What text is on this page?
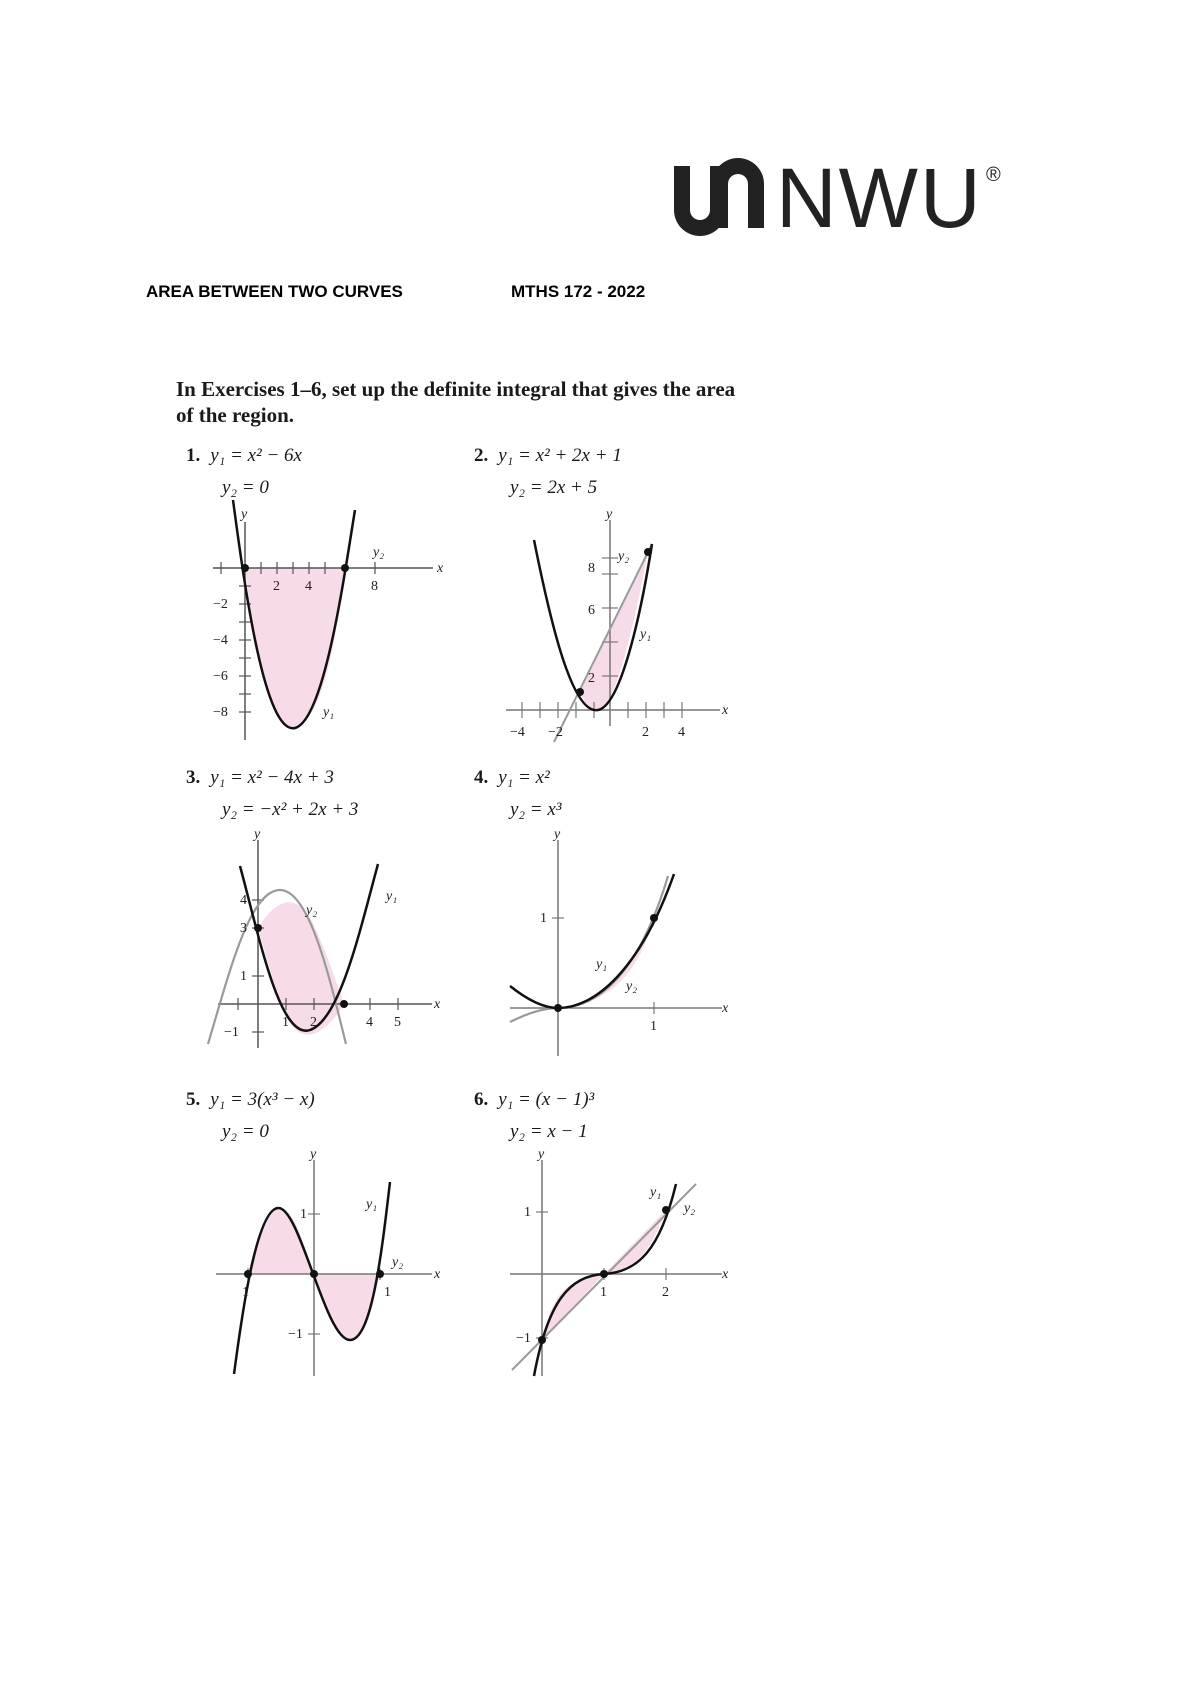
NWU ®
AREA BETWEEN TWO CURVES	MTHS 172 - 2022
In Exercises 1–6, set up the definite integral that gives the area of the region.
1. y₁ = x² − 6x
y₂ = 0
2. y₁ = x² + 2x + 1
y₂ = 2x + 5
3. y₁ = x² − 4x + 3
y₂ = −x² + 2x + 3
4. y₁ = x²
y₂ = x³
5. y₁ = 3(x³ − x)
y₂ = 0
6. y₁ = (x − 1)³
y₂ = x − 1
x
y
2 4	8
−2
−4
−6
−8	y₁
y₂
x
y
−4 −2	2 4
2
6
8
y₁
y₂
x
y
1 2	4 5
−1
1
3
4	y₁
y₂
x
y
1
1
y₁
y₂
x
y
1	1
1
−1
y₁
y₂
x
y
1	2
1
−1
y₁
y₂
